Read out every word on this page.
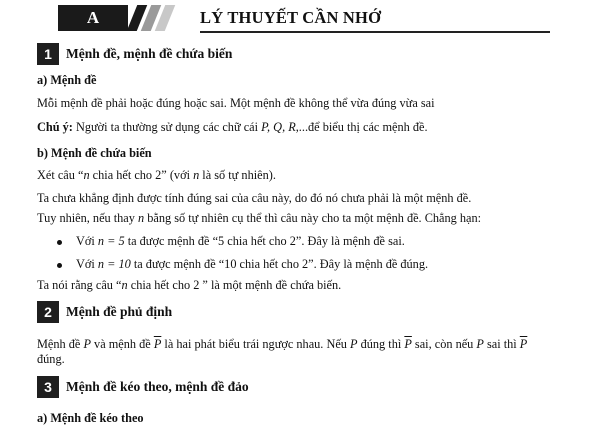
A	LÝ THUYẾT CẦN NHỚ
1	Mệnh đề, mệnh đề chứa biến
a) Mệnh đề
Mỗi mệnh đề phải hoặc đúng hoặc sai. Một mệnh đề không thể vừa đúng vừa sai
Chú ý: Người ta thường sử dụng các chữ cái P, Q, R,...để biểu thị các mệnh đề.
b) Mệnh đề chứa biến
Xét câu “n chia hết cho 2” (với n là số tự nhiên).
Ta chưa khẳng định được tính đúng sai của câu này, do đó nó chưa phải là một mệnh đề.
Tuy nhiên, nếu thay n bằng số tự nhiên cụ thể thì câu này cho ta một mệnh đề. Chẳng hạn:
Với n = 5 ta được mệnh đề “5 chia hết cho 2”. Đây là mệnh đề sai.
Với n = 10 ta được mệnh đề “10 chia hết cho 2”. Đây là mệnh đề đúng.
Ta nói rằng câu “n chia hết cho 2 ” là một mệnh đề chứa biến.
2	Mệnh đề phủ định
Mệnh đề P và mệnh đề $\overline{P}$ là hai phát biểu trái ngược nhau. Nếu P đúng thì $\overline{P}$ sai, còn nếu P sai thì $\overline{P}$
đúng.
3	Mệnh đề kéo theo, mệnh đề đảo
a) Mệnh đề kéo theo
